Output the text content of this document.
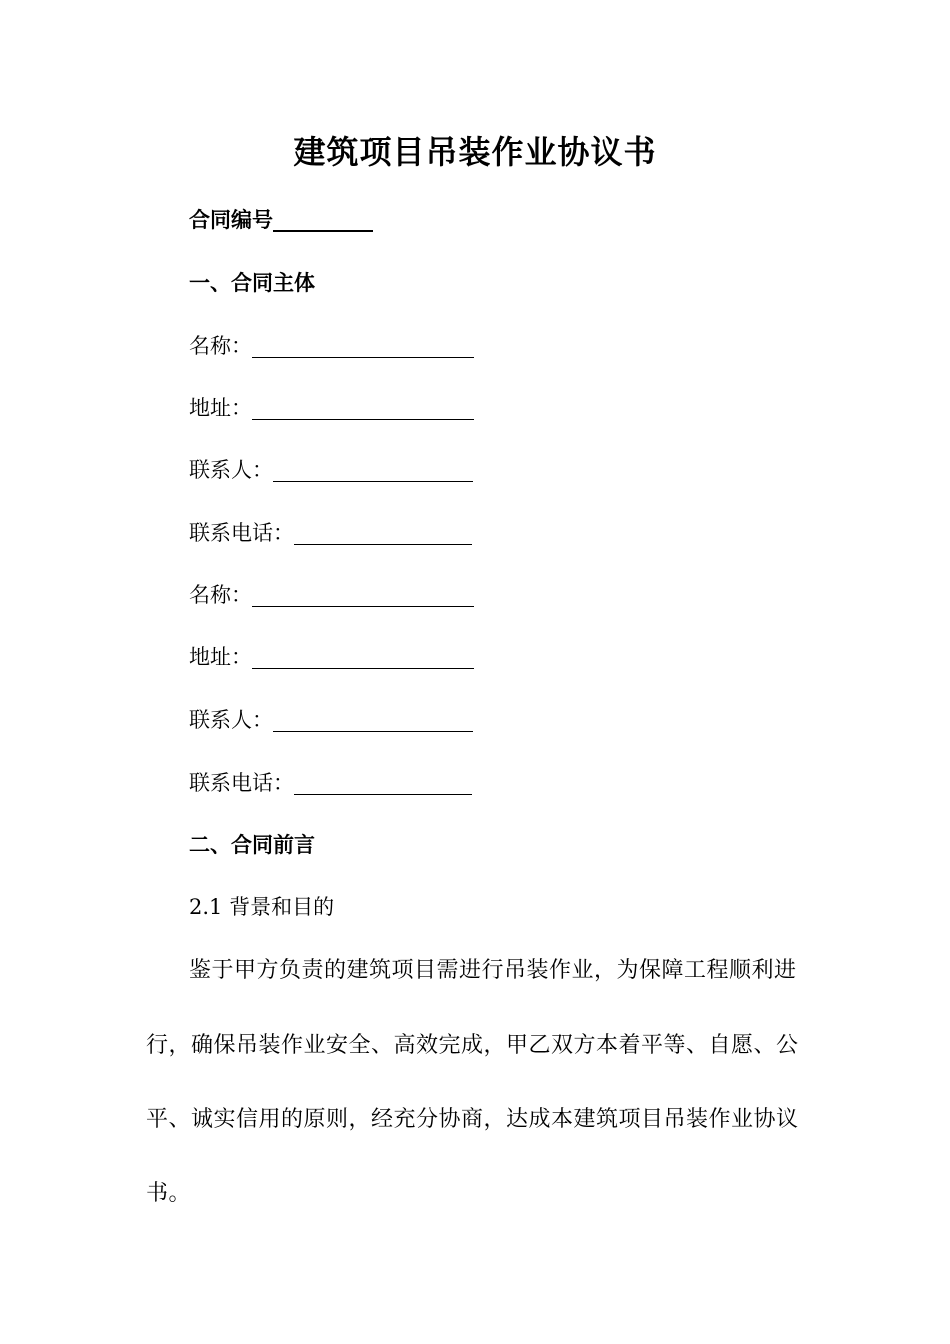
建筑项目吊装作业协议书
合同编号
一、合同主体
名称：
地址：
联系人：
联系电话：
名称：
地址：
联系人：
联系电话：
二、合同前言
2.1 背景和目的
鉴于甲方负责的建筑项目需进行吊装作业，为保障工程顺利进
行，确保吊装作业安全、高效完成，甲乙双方本着平等、自愿、公
平、诚实信用的原则，经充分协商，达成本建筑项目吊装作业协议
书。
